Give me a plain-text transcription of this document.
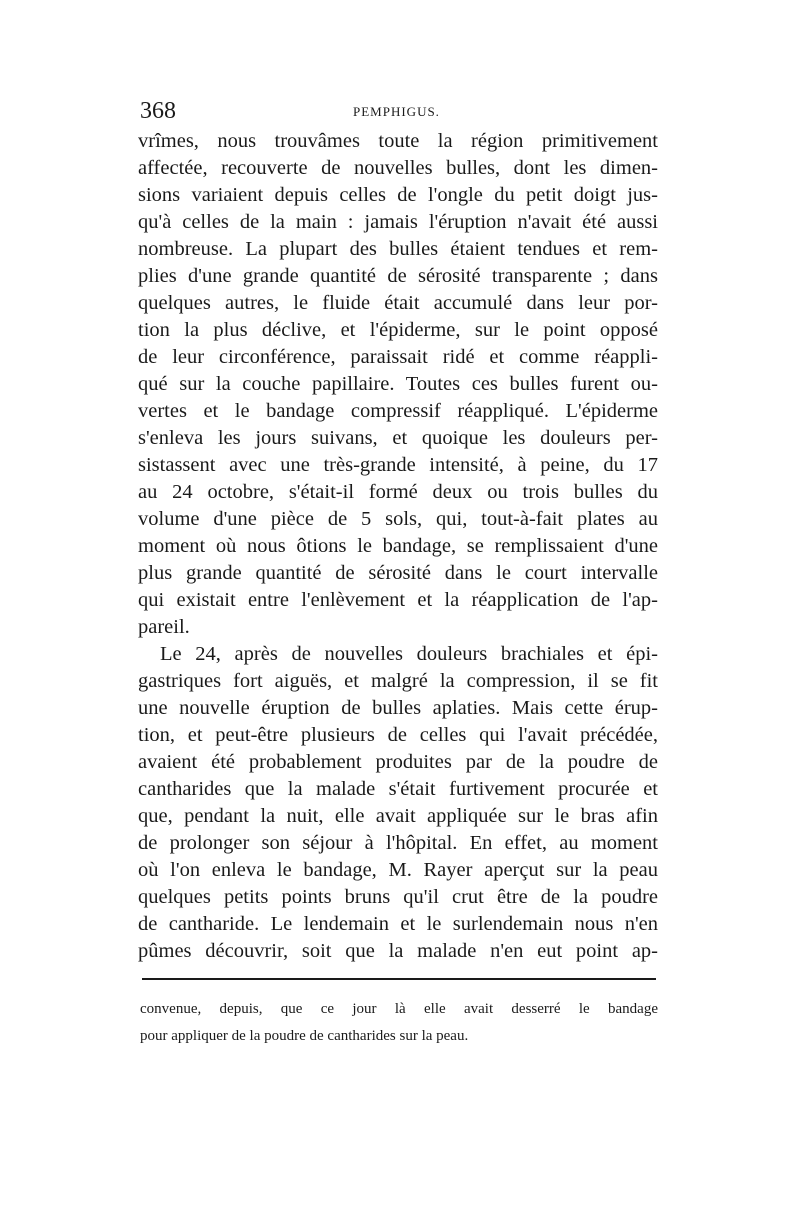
368	PEMPHIGUS.
vrîmes, nous trouvâmes toute la région primitivement
affectée, recouverte de nouvelles bulles, dont les dimen-
sions variaient depuis celles de l'ongle du petit doigt jus-
qu'à celles de la main : jamais l'éruption n'avait été aussi
nombreuse. La plupart des bulles étaient tendues et rem-
plies d'une grande quantité de sérosité transparente ; dans
quelques autres, le fluide était accumulé dans leur por-
tion la plus déclive, et l'épiderme, sur le point opposé
de leur circonférence, paraissait ridé et comme réappli-
qué sur la couche papillaire. Toutes ces bulles furent ou-
vertes et le bandage compressif réappliqué. L'épiderme
s'enleva les jours suivans, et quoique les douleurs per-
sistassent avec une très-grande intensité, à peine, du 17
au 24 octobre, s'était-il formé deux ou trois bulles du
volume d'une pièce de 5 sols, qui, tout-à-fait plates au
moment où nous ôtions le bandage, se remplissaient d'une
plus grande quantité de sérosité dans le court intervalle
qui existait entre l'enlèvement et la réapplication de l'ap-
pareil.
Le 24, après de nouvelles douleurs brachiales et épi-
gastriques fort aiguës, et malgré la compression, il se fit
une nouvelle éruption de bulles aplaties. Mais cette érup-
tion, et peut-être plusieurs de celles qui l'avait précédée,
avaient été probablement produites par de la poudre de
cantharides que la malade s'était furtivement procurée et
que, pendant la nuit, elle avait appliquée sur le bras afin
de prolonger son séjour à l'hôpital. En effet, au moment
où l'on enleva le bandage, M. Rayer aperçut sur la peau
quelques petits points bruns qu'il crut être de la poudre
de cantharide. Le lendemain et le surlendemain nous n'en
pûmes découvrir, soit que la malade n'en eut point ap-
convenue, depuis, que ce jour là elle avait desserré le bandage
pour appliquer de la poudre de cantharides sur la peau.
